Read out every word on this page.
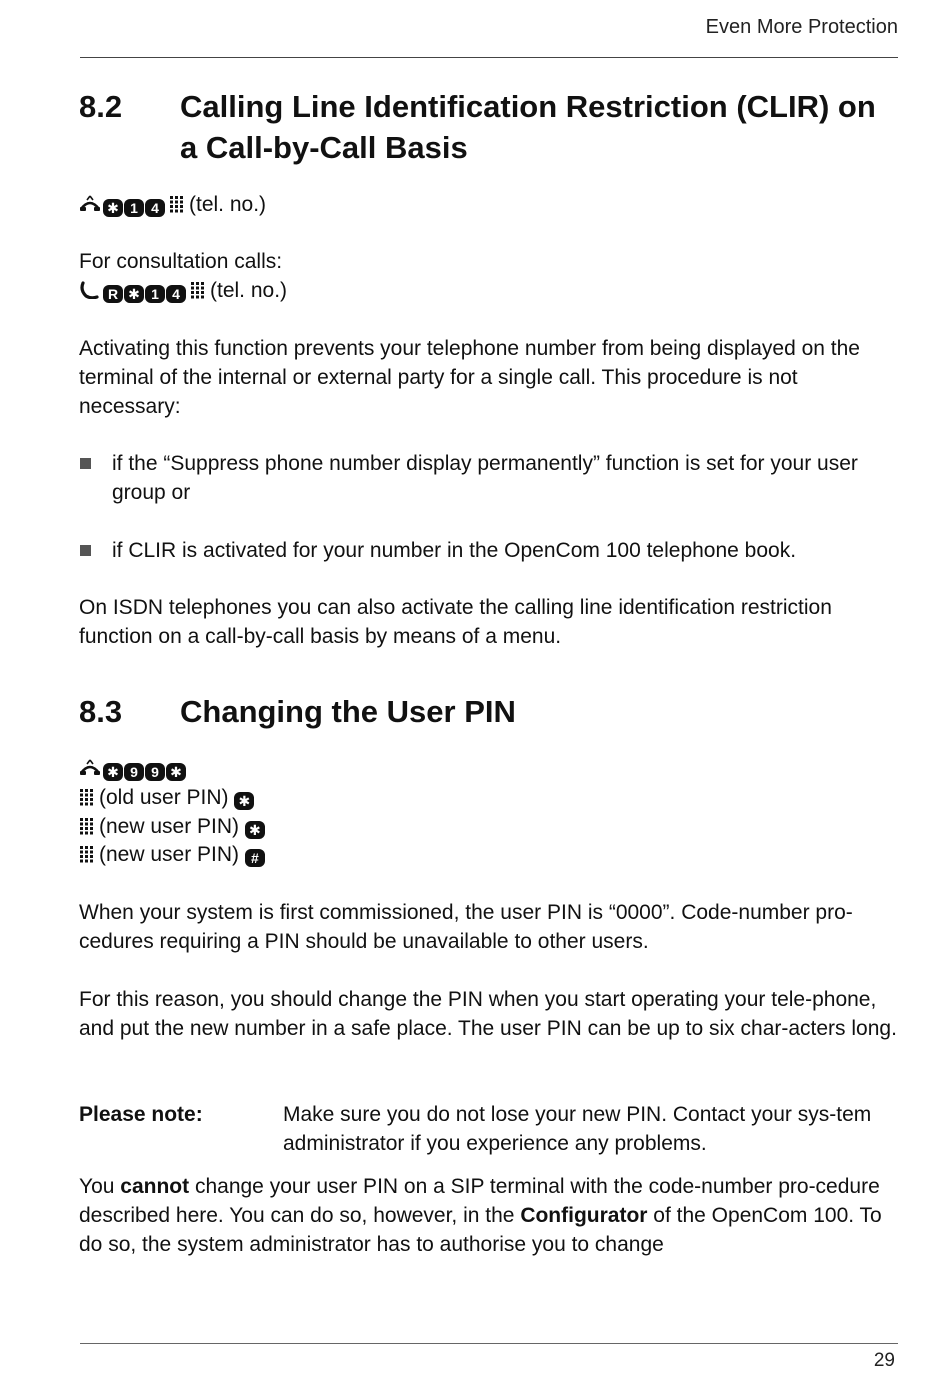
Even More Protection
8.2 Calling Line Identification Restriction (CLIR) on a Call-by-Call Basis
✱ 1 4 (tel. no.)
For consultation calls:
R ✱ 1 4 (tel. no.)
Activating this function prevents your telephone number from being displayed on the terminal of the internal or external party for a single call. This procedure is not necessary:
if the “Suppress phone number display permanently” function is set for your user group or
if CLIR is activated for your number in the OpenCom 100 telephone book.
On ISDN telephones you can also activate the calling line identification restriction function on a call-by-call basis by means of a menu.
8.3 Changing the User PIN
✱ 9 9 ✱
(old user PIN) ✱
(new user PIN) ✱
(new user PIN) #
When your system is first commissioned, the user PIN is “0000”. Code-number pro-cedures requiring a PIN should be unavailable to other users.
For this reason, you should change the PIN when you start operating your tele-phone, and put the new number in a safe place. The user PIN can be up to six char-acters long.
Please note:	Make sure you do not lose your new PIN. Contact your sys-tem administrator if you experience any problems.
You cannot change your user PIN on a SIP terminal with the code-number pro-cedure described here. You can do so, however, in the Configurator of the OpenCom 100. To do so, the system administrator has to authorise you to change
29
